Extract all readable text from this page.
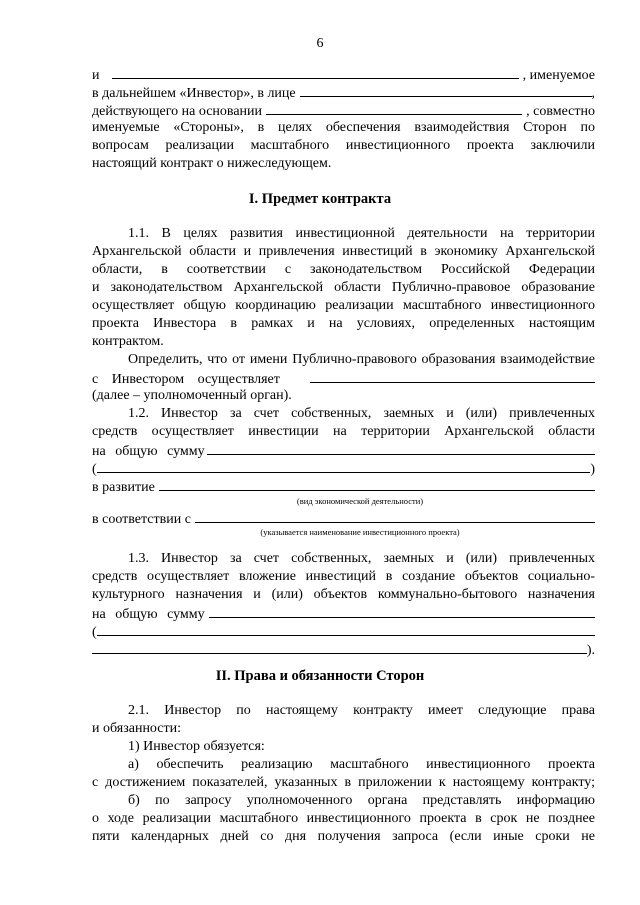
6
и	, именуемое
в дальнейшем «Инвестор», в лице	,
действующего на основании	, совместно
именуемые «Стороны», в целях обеспечения взаимодействия Сторон по
вопросам реализации масштабного инвестиционного проекта заключили
настоящий контракт о нижеследующем.
I. Предмет контракта
1.1. В целях развития инвестиционной деятельности на территории
Архангельской области и привлечения инвестиций в экономику Архангельской
области, в соответствии с законодательством Российской Федерации
и законодательством Архангельской области Публично-правовое образование
осуществляет общую координацию реализации масштабного инвестиционного
проекта Инвестора в рамках и на условиях, определенных настоящим
контрактом.
Определить, что от имени Публично-правового образования взаимодействие
с Инвестором осуществляет
(далее – уполномоченный орган).
1.2. Инвестор за счет собственных, заемных и (или) привлеченных
средств осуществляет инвестиции на территории Архангельской области
на общую сумму
(	)
в развитие
(вид экономической деятельности)
в соответствии с
(указывается наименование инвестиционного проекта)
1.3. Инвестор за счет собственных, заемных и (или) привлеченных
средств осуществляет вложение инвестиций в создание объектов социально-
культурного назначения и (или) объектов коммунально-бытового назначения
на общую сумму
(
).
II. Права и обязанности Сторон
2.1. Инвестор по настоящему контракту имеет следующие права
и обязанности:
1) Инвестор обязуется:
а) обеспечить реализацию масштабного инвестиционного проекта
с достижением показателей, указанных в приложении к настоящему контракту;
б) по запросу уполномоченного органа представлять информацию
о ходе реализации масштабного инвестиционного проекта в срок не позднее
пяти календарных дней со дня получения запроса (если иные сроки не
